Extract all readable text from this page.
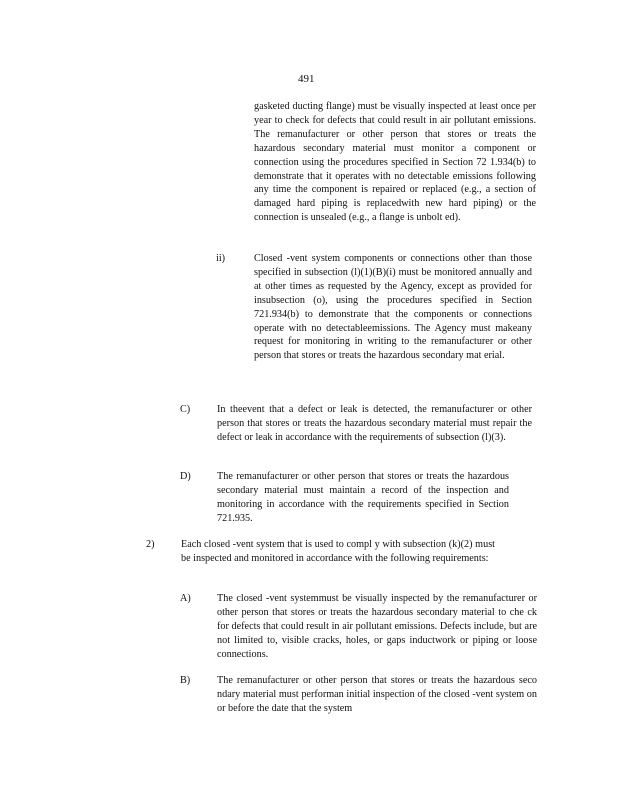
491

gasketed ducting flange) must be visually inspected at least once per year to check for defects that could result in air pollutant emissions. The remanufacturer or other person that stores or treats the hazardous secondary material must monitor a component or connection using the procedures specified in Section 72 1.934(b) to demonstrate that it operates with no detectable emissions following any time the component is repaired or replaced (e.g., a section of damaged hard piping is replacedwith new hard piping) or the connection is unsealed (e.g., a flange is unbolt ed).

ii)	Closed -vent system components or connections other than those specified in subsection (l)(1)(B)(i) must be monitored annually and at other times as requested by the Agency, except as provided for insubsection (o), using the procedures specified in Section 721.934(b) to demonstrate that the components or connections operate with no detectableemissions. The Agency must makeany request for monitoring in writing to the remanufacturer or other person that stores or treats the hazardous secondary mat erial.

C)	In theevent that a defect or leak is detected, the remanufacturer or other person that stores or treats the hazardous secondary material must repair the defect or leak in accordance with the requirements of subsection (l)(3).

D)	The remanufacturer or other person that stores or treats the hazardous secondary material must maintain a record of the inspection and monitoring in accordance with the requirements specified in Section 721.935.

2)	Each closed -vent system that is used to compl y with subsection (k)(2) must be inspected and monitored in accordance with the following requirements:

A)	The closed -vent systemmust be visually inspected by the remanufacturer or other person that stores or treats the hazardous secondary material to che ck for defects that could result in air pollutant emissions. Defects include, but are not limited to, visible cracks, holes, or gaps inductwork or piping or loose connections.

B)	The remanufacturer or other person that stores or treats the hazardous seco ndary material must performan initial inspection of the closed -vent system on or before the date that the system
